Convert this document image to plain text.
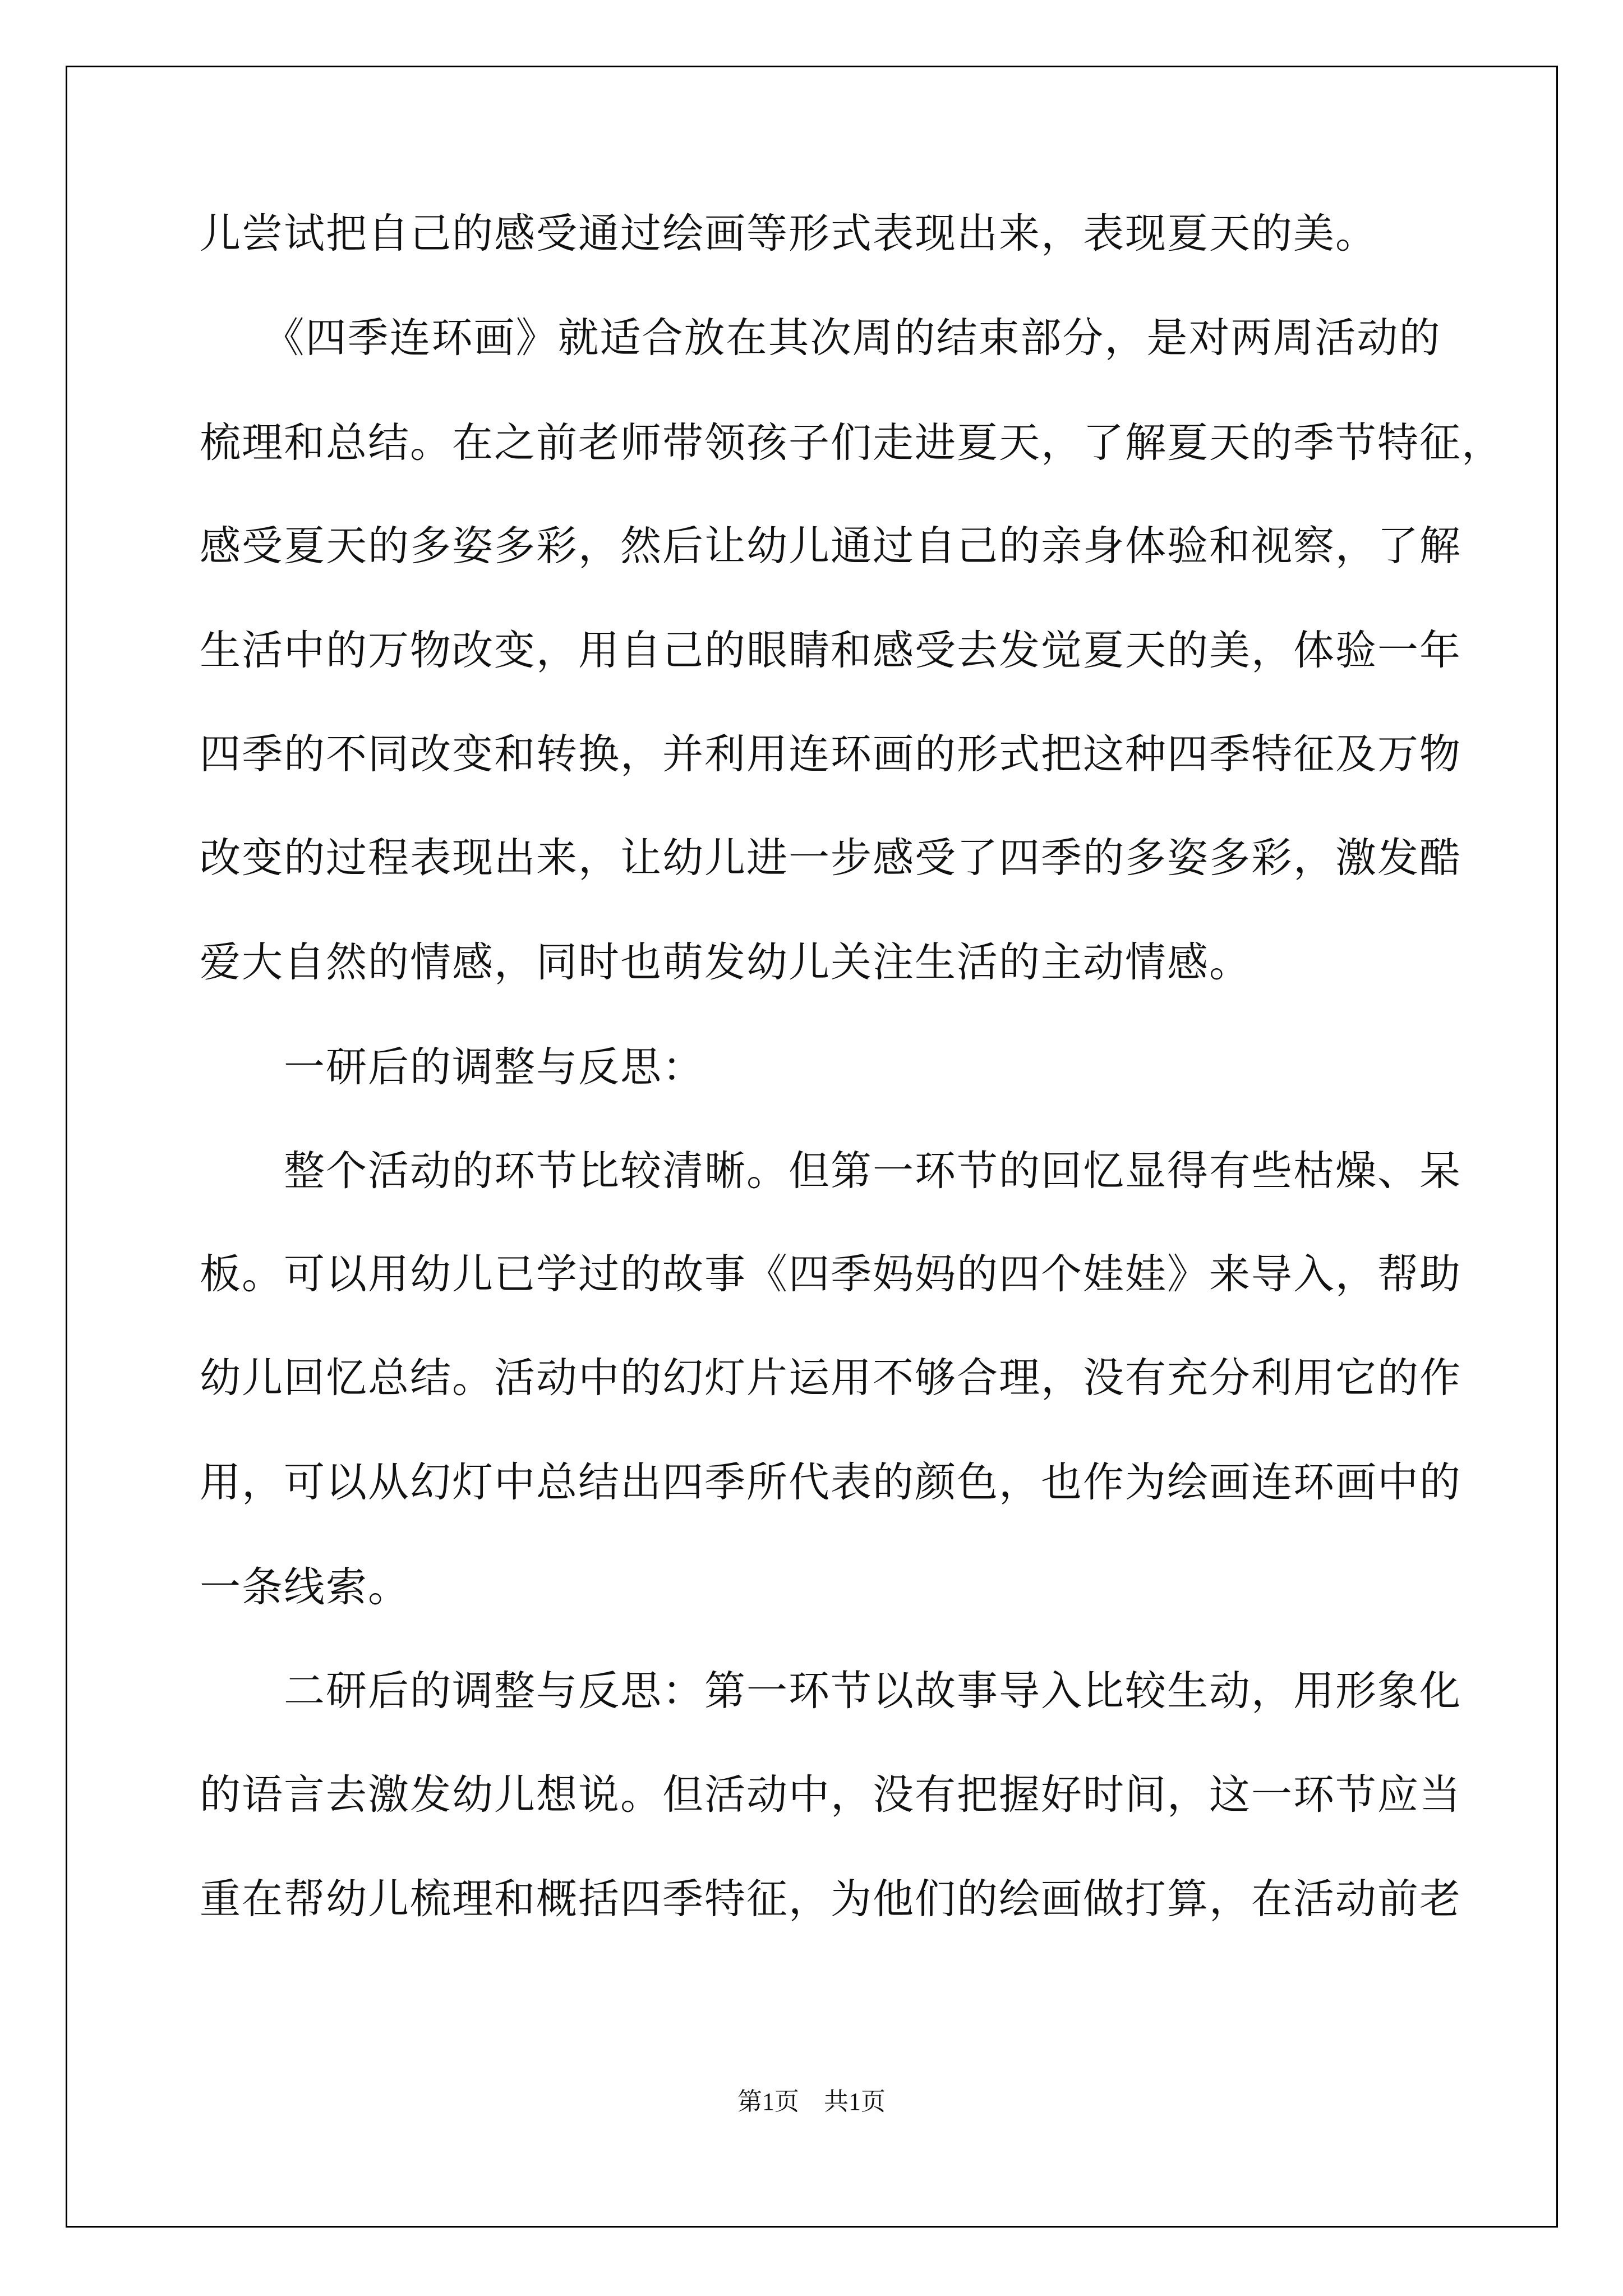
儿尝试把自己的感受通过绘画等形式表现出来，表现夏天的美。
　　《四季连环画》就适合放在其次周的结束部分，是对两周活动的
梳理和总结。在之前老师带领孩子们走进夏天，了解夏天的季节特征，
感受夏天的多姿多彩，然后让幼儿通过自己的亲身体验和视察，了解
生活中的万物改变，用自己的眼睛和感受去发觉夏天的美，体验一年
四季的不同改变和转换，并利用连环画的形式把这种四季特征及万物
改变的过程表现出来，让幼儿进一步感受了四季的多姿多彩，激发酷
爱大自然的情感，同时也萌发幼儿关注生活的主动情感。
　　一研后的调整与反思：
　　整个活动的环节比较清晰。但第一环节的回忆显得有些枯燥、呆
板。可以用幼儿已学过的故事《四季妈妈的四个娃娃》来导入，帮助
幼儿回忆总结。活动中的幻灯片运用不够合理，没有充分利用它的作
用，可以从幻灯中总结出四季所代表的颜色，也作为绘画连环画中的
一条线索。
　　二研后的调整与反思：第一环节以故事导入比较生动，用形象化
的语言去激发幼儿想说。但活动中，没有把握好时间，这一环节应当
重在帮幼儿梳理和概括四季特征，为他们的绘画做打算，在活动前老
第1页　共1页
